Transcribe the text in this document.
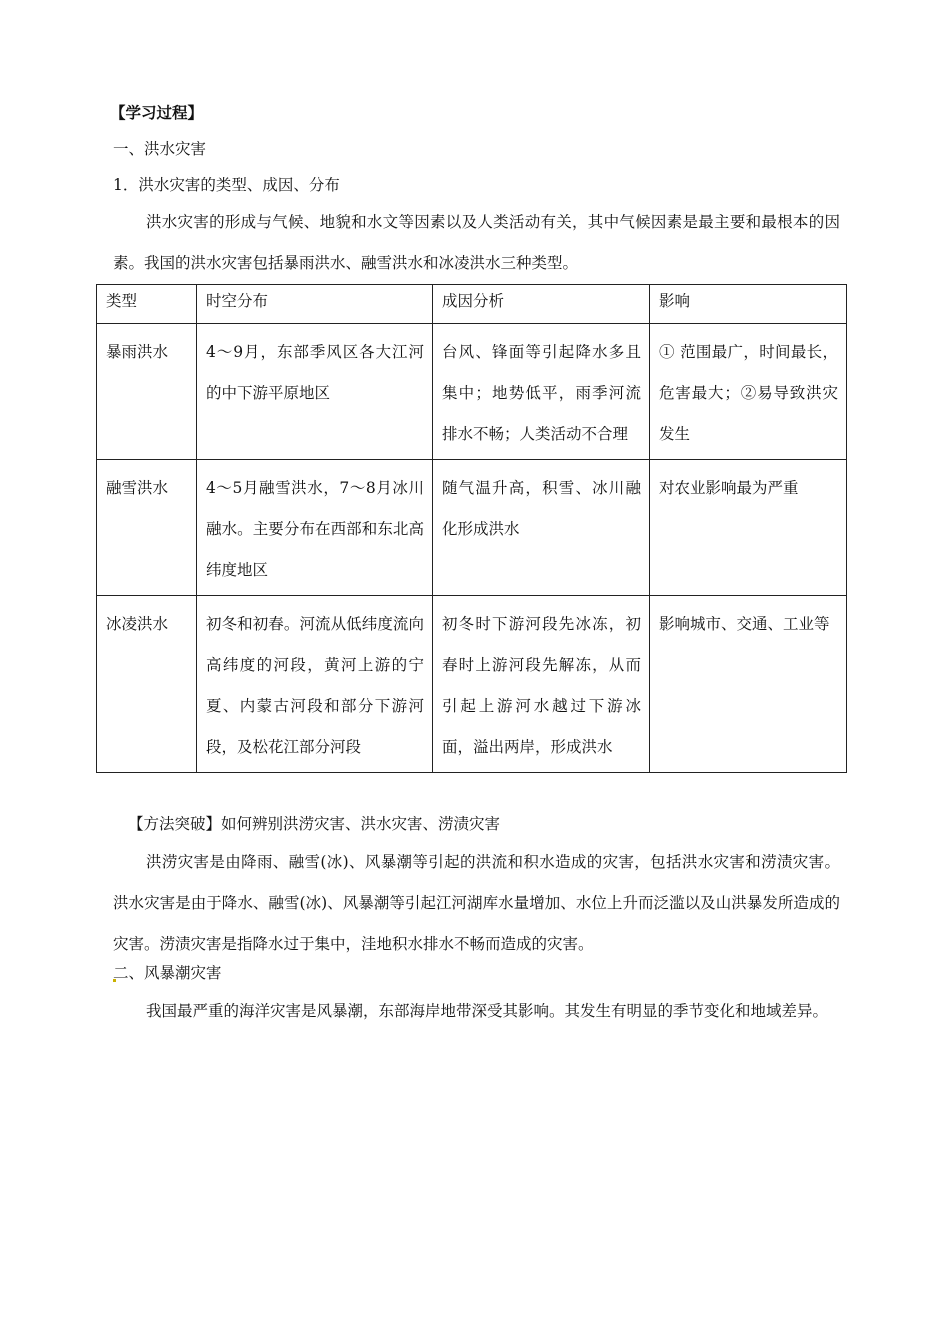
【学习过程】
一、洪水灾害
1．洪水灾害的类型、成因、分布
洪水灾害的形成与气候、地貌和水文等因素以及人类活动有关，其中气候因素是最主要和最根本的因素。我国的洪水灾害包括暴雨洪水、融雪洪水和冰凌洪水三种类型。
类型	时空分布	成因分析	影响
暴雨洪水	4～9月，东部季风区各大江河的中下游平原地区	台风、锋面等引起降水多且集中；地势低平，雨季河流排水不畅；人类活动不合理	① 范围最广，时间最长，危害最大；②易导致洪灾发生
融雪洪水	4～5月融雪洪水，7～8月冰川融水。主要分布在西部和东北高纬度地区	随气温升高，积雪、冰川融化形成洪水	对农业影响最为严重
冰凌洪水	初冬和初春。河流从低纬度流向高纬度的河段，黄河上游的宁夏、内蒙古河段和部分下游河段，及松花江部分河段	初冬时下游河段先冰冻，初春时上游河段先解冻，从而引起上游河水越过下游冰面，溢出两岸，形成洪水	影响城市、交通、工业等
【方法突破】如何辨别洪涝灾害、洪水灾害、涝渍灾害
洪涝灾害是由降雨、融雪(冰)、风暴潮等引起的洪流和积水造成的灾害，包括洪水灾害和涝渍灾害。洪水灾害是由于降水、融雪(冰)、风暴潮等引起江河湖库水量增加、水位上升而泛滥以及山洪暴发所造成的灾害。涝渍灾害是指降水过于集中，洼地积水排水不畅而造成的灾害。
二、风暴潮灾害
我国最严重的海洋灾害是风暴潮，东部海岸地带深受其影响。其发生有明显的季节变化和地域差异。
